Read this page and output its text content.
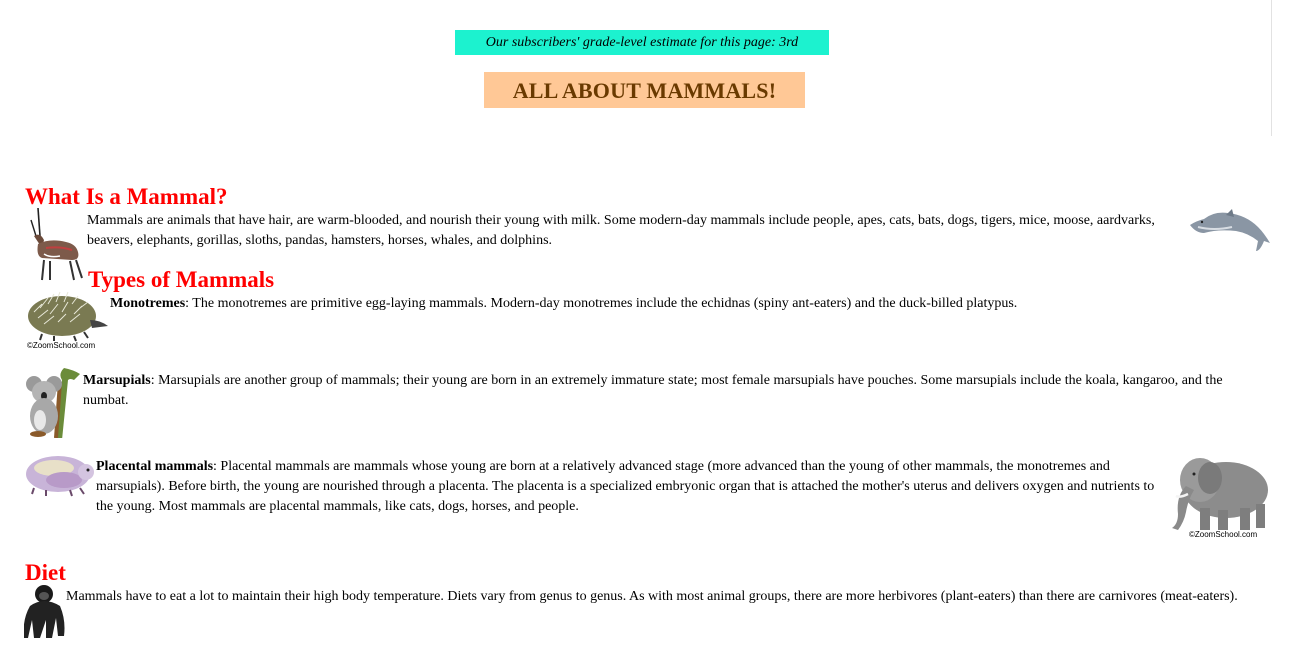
Our subscribers' grade-level estimate for this page: 3rd
ALL ABOUT MAMMALS!
What Is a Mammal?

Mammals are animals that have hair, are warm-blooded, and nourish their young with milk. Some modern-day mammals include people, apes, cats, bats, dogs, tigers, mice, moose, aardvarks, beavers, elephants, gorillas, sloths, pandas, hamsters, horses, whales, and dolphins.

Types of Mammals
©ZoomSchool.com

Monotremes: The monotremes are primitive egg-laying mammals. Modern-day monotremes include the echidnas (spiny ant-eaters) and the duck-billed platypus.

Marsupials: Marsupials are another group of mammals; their young are born in an extremely immature state; most female marsupials have pouches. Some marsupials include the koala, kangaroo, and the numbat.

Placental mammals: Placental mammals are mammals whose young are born at a relatively advanced stage (more advanced than the young of other mammals, the monotremes and marsupials). Before birth, the young are nourished through a placenta. The placenta is a specialized embryonic organ that is attached the mother's uterus and delivers oxygen and nutrients to the young. Most mammals are placental mammals, like cats, dogs, horses, and people.

©ZoomSchool.com
Diet

Mammals have to eat a lot to maintain their high body temperature. Diets vary from genus to genus. As with most animal groups, there are more herbivores (plant-eaters) than there are carnivores (meat-eaters).
